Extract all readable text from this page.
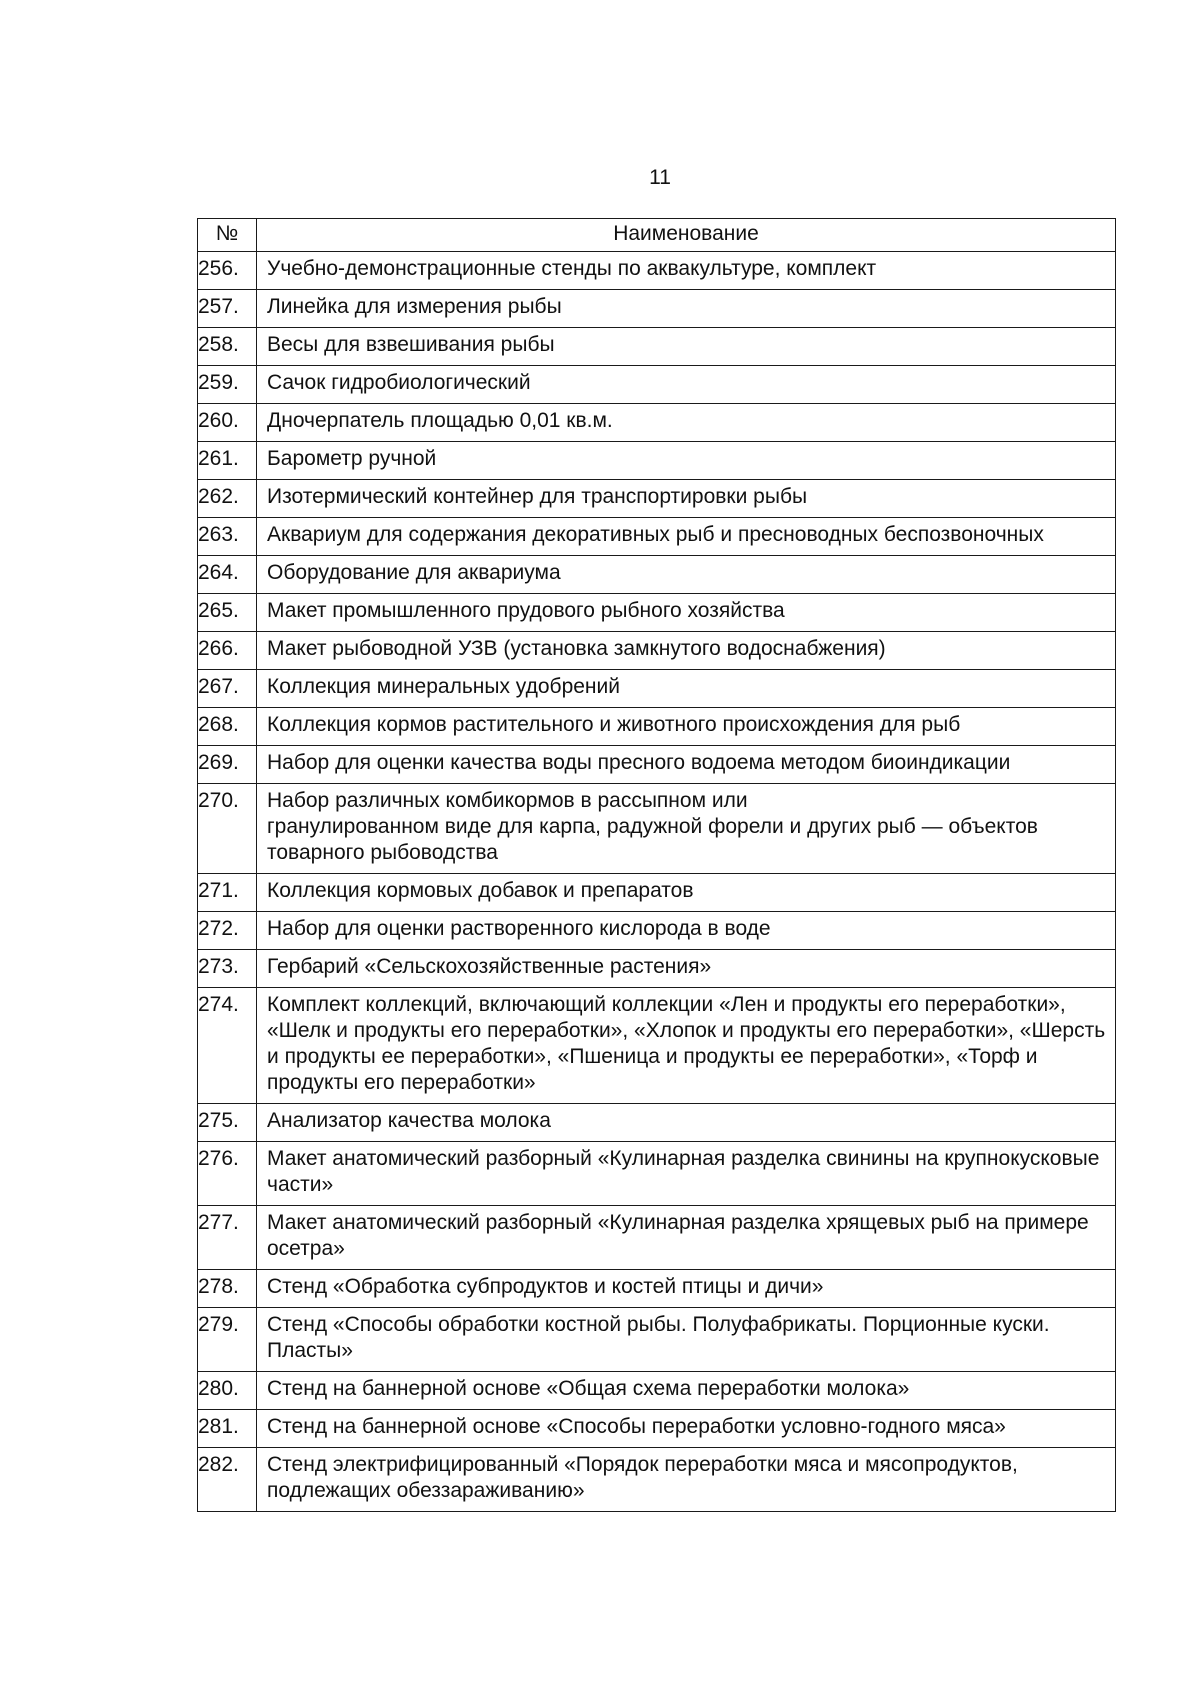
11
№	Наименование
256.	Учебно-демонстрационные стенды по аквакультуре, комплект
257.	Линейка для измерения рыбы
258.	Весы для взвешивания рыбы
259.	Сачок гидробиологический
260.	Дночерпатель площадью 0,01 кв.м.
261.	Барометр ручной
262.	Изотермический контейнер для транспортировки рыбы
263.	Аквариум для содержания декоративных рыб и пресноводных беспозвоночных
264.	Оборудование для аквариума
265.	Макет промышленного прудового рыбного хозяйства
266.	Макет рыбоводной УЗВ (установка замкнутого водоснабжения)
267.	Коллекция минеральных удобрений
268.	Коллекция кормов растительного и животного происхождения для рыб
269.	Набор для оценки качества воды пресного водоема методом биоиндикации
270.	Набор различных комбикормов в рассыпном или
гранулированном виде для карпа, радужной форели и других рыб — объектов товарного рыбоводства
271.	Коллекция кормовых добавок и препаратов
272.	Набор для оценки растворенного кислорода в воде
273.	Гербарий «Сельскохозяйственные растения»
274.	Комплект коллекций, включающий коллекции «Лен и продукты его переработки», «Шелк и продукты его переработки», «Хлопок и продукты его переработки», «Шерсть и продукты ее переработки», «Пшеница и продукты ее переработки», «Торф и продукты его переработки»
275.	Анализатор качества молока
276.	Макет анатомический разборный «Кулинарная разделка свинины на крупнокусковые части»
277.	Макет анатомический разборный «Кулинарная разделка хрящевых рыб на примере осетра»
278.	Стенд «Обработка субпродуктов и костей птицы и дичи»
279.	Стенд «Способы обработки костной рыбы. Полуфабрикаты. Порционные куски. Пласты»
280.	Стенд на баннерной основе «Общая схема переработки молока»
281.	Стенд на баннерной основе «Способы переработки условно-годного мяса»
282.	Стенд электрифицированный «Порядок переработки мяса и мясопродуктов, подлежащих обеззараживанию»
